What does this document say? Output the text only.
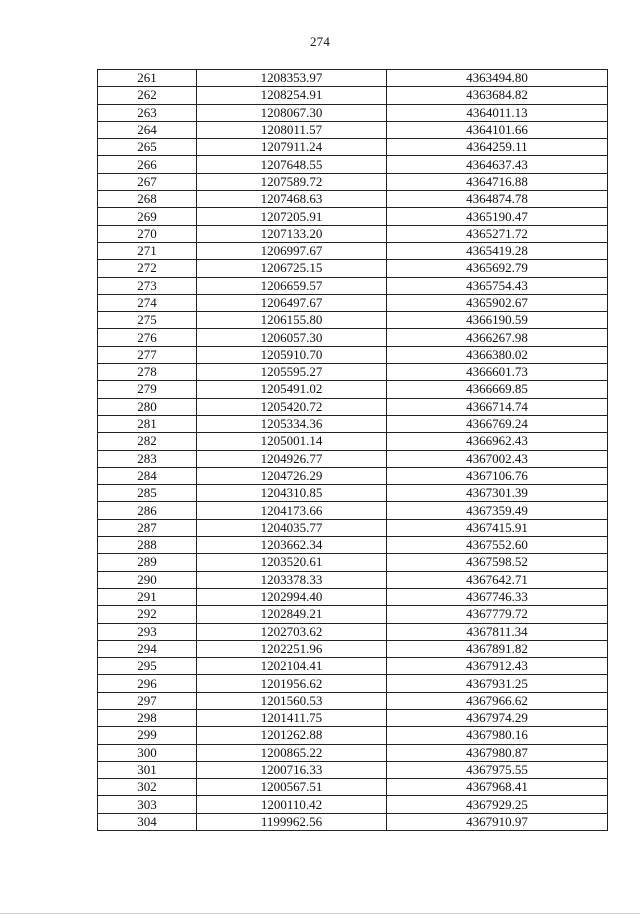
274
261	1208353.97	4363494.80
262	1208254.91	4363684.82
263	1208067.30	4364011.13
264	1208011.57	4364101.66
265	1207911.24	4364259.11
266	1207648.55	4364637.43
267	1207589.72	4364716.88
268	1207468.63	4364874.78
269	1207205.91	4365190.47
270	1207133.20	4365271.72
271	1206997.67	4365419.28
272	1206725.15	4365692.79
273	1206659.57	4365754.43
274	1206497.67	4365902.67
275	1206155.80	4366190.59
276	1206057.30	4366267.98
277	1205910.70	4366380.02
278	1205595.27	4366601.73
279	1205491.02	4366669.85
280	1205420.72	4366714.74
281	1205334.36	4366769.24
282	1205001.14	4366962.43
283	1204926.77	4367002.43
284	1204726.29	4367106.76
285	1204310.85	4367301.39
286	1204173.66	4367359.49
287	1204035.77	4367415.91
288	1203662.34	4367552.60
289	1203520.61	4367598.52
290	1203378.33	4367642.71
291	1202994.40	4367746.33
292	1202849.21	4367779.72
293	1202703.62	4367811.34
294	1202251.96	4367891.82
295	1202104.41	4367912.43
296	1201956.62	4367931.25
297	1201560.53	4367966.62
298	1201411.75	4367974.29
299	1201262.88	4367980.16
300	1200865.22	4367980.87
301	1200716.33	4367975.55
302	1200567.51	4367968.41
303	1200110.42	4367929.25
304	1199962.56	4367910.97
